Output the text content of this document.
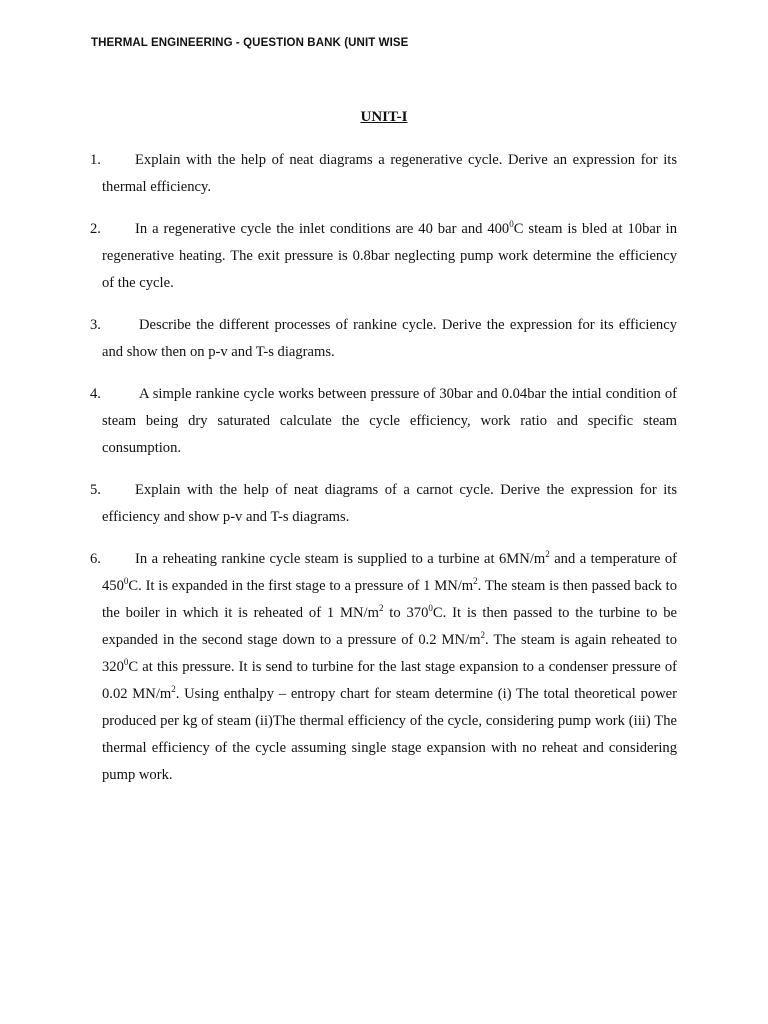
THERMAL ENGINEERING - QUESTION BANK (UNIT WISE
UNIT-I
1.	Explain with the help of neat diagrams a regenerative cycle. Derive an expression for its thermal efficiency.
2.	In a regenerative cycle the inlet conditions are 40 bar and $400^0C$ steam is bled at 10bar in regenerative heating. The exit pressure is 0.8bar neglecting pump work determine the efficiency of the cycle.
3.	Describe the different processes of rankine cycle. Derive the expression for its efficiency and show then on p-v and T-s diagrams.
4.	A simple rankine cycle works between pressure of 30bar and 0.04bar the intial condition of steam being dry saturated calculate the cycle efficiency, work ratio and specific steam consumption.
5.	Explain with the help of neat diagrams of a carnot cycle. Derive the expression for its efficiency and show p-v and T-s diagrams.
6.	In a reheating rankine cycle steam is supplied to a turbine at $6MN/m^2$ and a temperature of $450^0C$. It is expanded in the first stage to a pressure of 1 $MN/m^2$. The steam is then passed back to the boiler in which it is reheated of 1 $MN/m^2$ to $370^0C$. It is then passed to the turbine to be expanded in the second stage down to a pressure of 0.2 $MN/m^2$. The steam is again reheated to $320^0C$ at this pressure. It is send to turbine for the last stage expansion to a condenser pressure of 0.02 $MN/m^2$. Using enthalpy – entropy chart for steam determine (i) The total theoretical power produced per kg of steam (ii)The thermal efficiency of the cycle, considering pump work (iii) The thermal efficiency of the cycle assuming single stage expansion with no reheat and considering pump work.
